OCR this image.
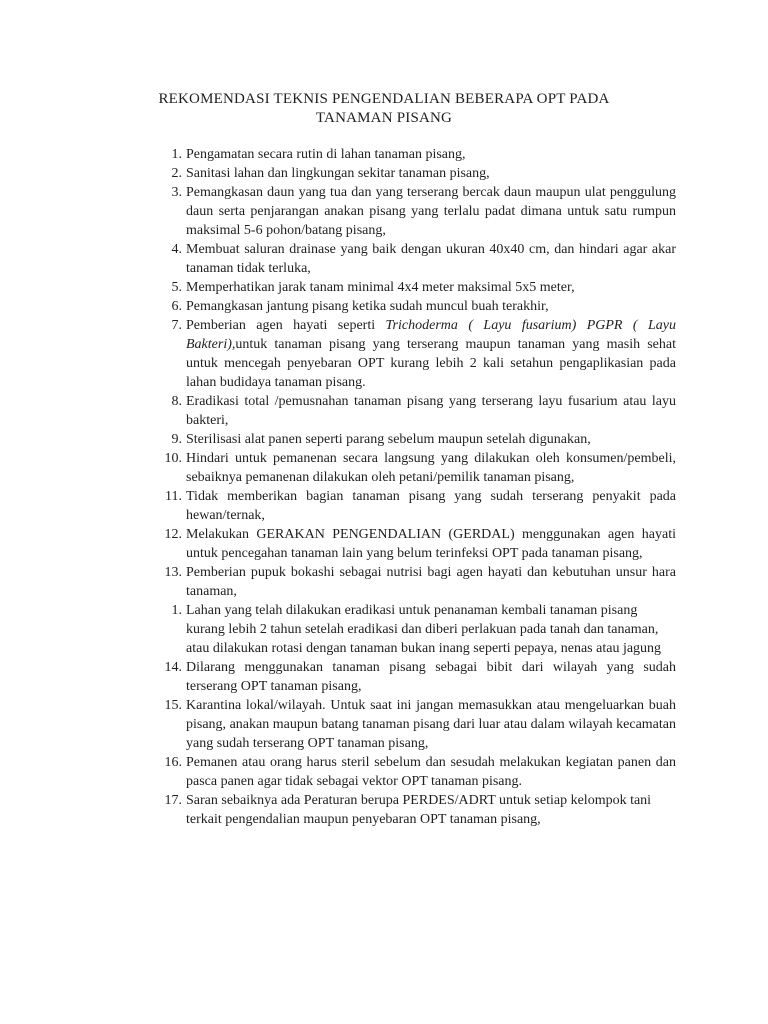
REKOMENDASI TEKNIS PENGENDALIAN BEBERAPA OPT PADA
TANAMAN PISANG
1. Pengamatan secara rutin di lahan tanaman pisang,
2. Sanitasi lahan dan lingkungan sekitar tanaman pisang,
3. Pemangkasan daun yang tua dan yang terserang bercak daun maupun ulat penggulung daun serta penjarangan anakan pisang yang terlalu padat dimana untuk satu rumpun maksimal 5-6 pohon/batang pisang,
4. Membuat saluran drainase yang baik dengan ukuran 40x40 cm, dan hindari agar akar tanaman tidak terluka,
5. Memperhatikan jarak tanam minimal 4x4 meter maksimal 5x5 meter,
6. Pemangkasan jantung pisang ketika sudah muncul buah terakhir,
7. Pemberian agen hayati seperti Trichoderma ( Layu fusarium) PGPR ( Layu Bakteri),untuk tanaman pisang yang terserang maupun tanaman yang masih sehat untuk mencegah penyebaran OPT kurang lebih 2 kali setahun pengaplikasian pada lahan budidaya tanaman pisang.
8. Eradikasi total /pemusnahan tanaman pisang yang terserang layu fusarium atau layu bakteri,
9. Sterilisasi alat panen seperti parang sebelum maupun setelah digunakan,
10. Hindari untuk pemanenan secara langsung yang dilakukan oleh konsumen/pembeli, sebaiknya pemanenan dilakukan oleh petani/pemilik tanaman pisang,
11. Tidak memberikan bagian tanaman pisang yang sudah terserang penyakit pada hewan/ternak,
12. Melakukan GERAKAN PENGENDALIAN (GERDAL) menggunakan agen hayati untuk pencegahan tanaman lain yang belum terinfeksi OPT pada tanaman pisang,
13. Pemberian pupuk bokashi sebagai nutrisi bagi agen hayati dan kebutuhan unsur hara tanaman,
1. Lahan yang telah dilakukan eradikasi untuk penanaman kembali tanaman pisang kurang lebih 2 tahun setelah eradikasi dan diberi perlakuan pada tanah dan tanaman, atau dilakukan rotasi dengan tanaman bukan inang seperti pepaya, nenas atau jagung
14. Dilarang menggunakan tanaman pisang sebagai bibit dari wilayah yang sudah terserang OPT tanaman pisang,
15. Karantina lokal/wilayah. Untuk saat ini jangan memasukkan atau mengeluarkan buah pisang, anakan maupun batang tanaman pisang dari luar atau dalam wilayah kecamatan yang sudah terserang OPT tanaman pisang,
16. Pemanen atau orang harus steril sebelum dan sesudah melakukan kegiatan panen dan pasca panen agar tidak sebagai vektor OPT tanaman pisang.
17. Saran sebaiknya ada Peraturan berupa PERDES/ADRT untuk setiap kelompok tani terkait pengendalian maupun penyebaran OPT tanaman pisang,
